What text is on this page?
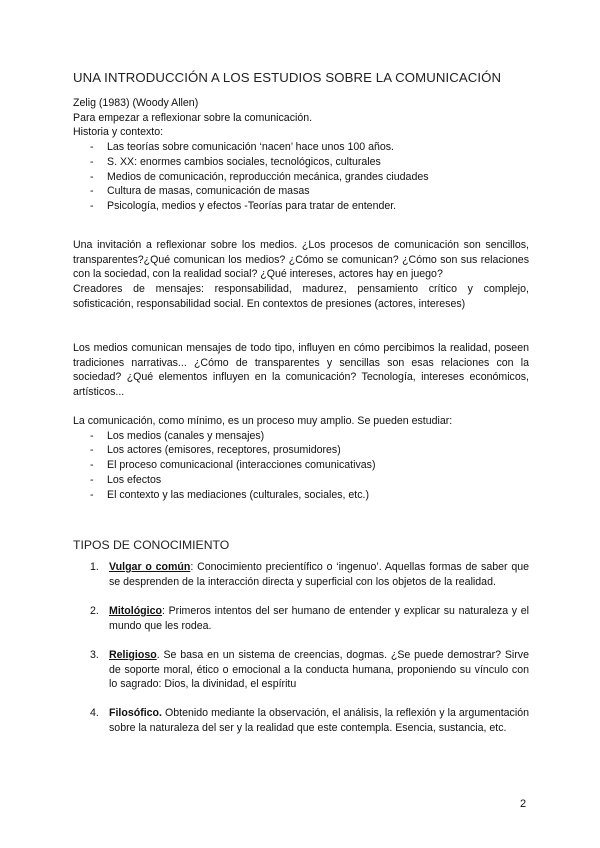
UNA INTRODUCCIÓN A LOS ESTUDIOS SOBRE LA COMUNICACIÓN

Zelig (1983) (Woody Allen)

Para empezar a reflexionar sobre la comunicación.

Historia y contexto:

- Las teorías sobre comunicación ‘nacen’ hace unos 100 años.
- S. XX: enormes cambios sociales, tecnológicos, culturales
- Medios de comunicación, reproducción mecánica, grandes ciudades
- Cultura de masas, comunicación de masas
- Psicología, medios y efectos -Teorías para tratar de entender.

Una invitación a reflexionar sobre los medios. ¿Los procesos de comunicación son sencillos, transparentes?¿Qué comunican los medios? ¿Cómo se comunican? ¿Cómo son sus relaciones con la sociedad, con la realidad social? ¿Qué intereses, actores hay en juego?

Creadores de mensajes: responsabilidad, madurez, pensamiento crítico y complejo, sofisticación, responsabilidad social. En contextos de presiones (actores, intereses)

Los medios comunican mensajes de todo tipo, influyen en cómo percibimos la realidad, poseen tradiciones narrativas... ¿Cómo de transparentes y sencillas son esas relaciones con la sociedad? ¿Qué elementos influyen en la comunicación? Tecnología, intereses económicos, artísticos...

La comunicación, como mínimo, es un proceso muy amplio. Se pueden estudiar:

- Los medios (canales y mensajes)
- Los actores (emisores, receptores, prosumidores)
- El proceso comunicacional (interacciones comunicativas)
- Los efectos
- El contexto y las mediaciones (culturales, sociales, etc.)
TIPOS DE CONOCIMIENTO
1. Vulgar o común: Conocimiento precientífico o ‘ingenuo’. Aquellas formas de saber que se desprenden de la interacción directa y superficial con los objetos de la realidad.
2. Mitológico: Primeros intentos del ser humano de entender y explicar su naturaleza y el mundo que les rodea.
3. Religioso. Se basa en un sistema de creencias, dogmas. ¿Se puede demostrar? Sirve de soporte moral, ético o emocional a la conducta humana, proponiendo su vínculo con lo sagrado: Dios, la divinidad, el espíritu
4. Filosófico. Obtenido mediante la observación, el análisis, la reflexión y la argumentación sobre la naturaleza del ser y la realidad que este contempla. Esencia, sustancia, etc.
2
